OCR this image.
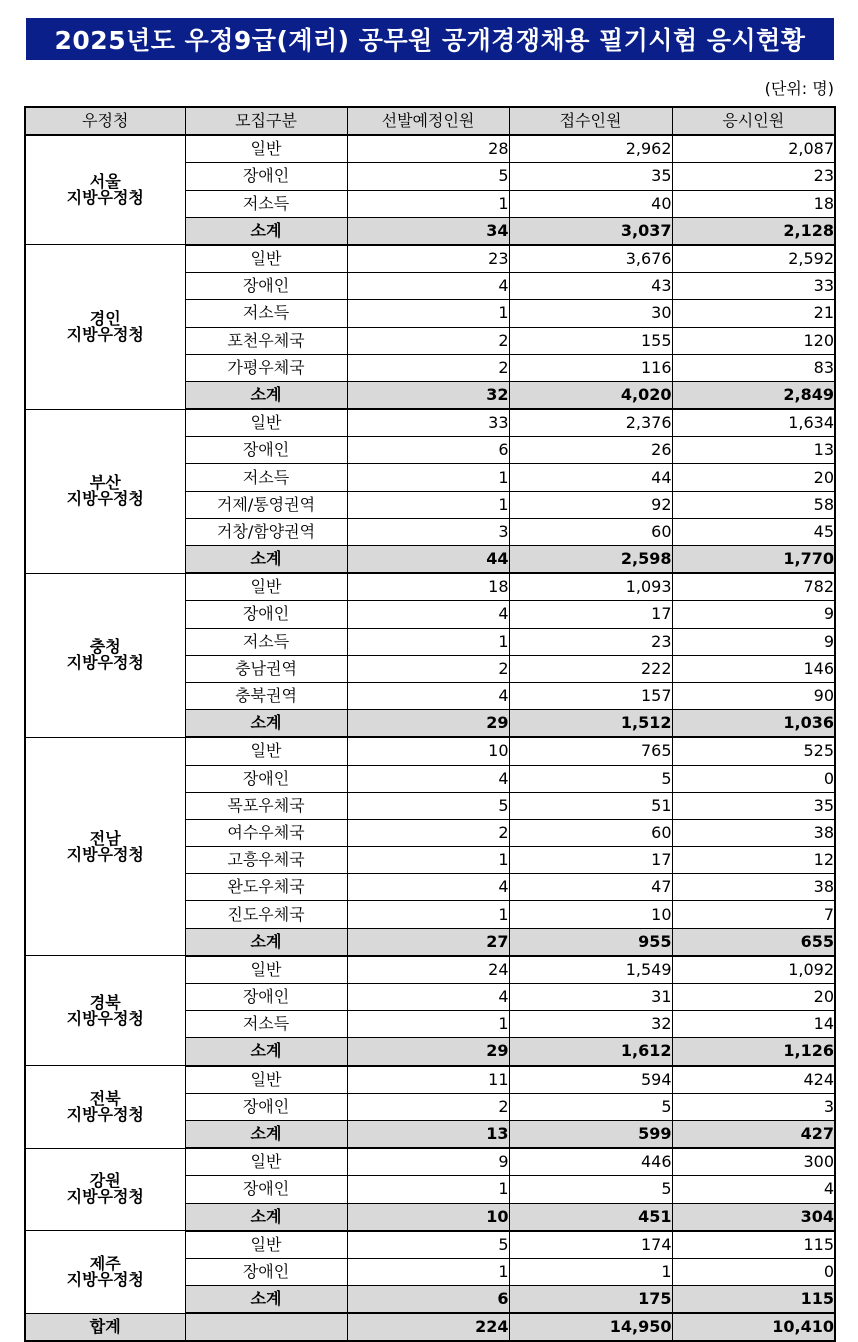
2025년도 우정9급(계리) 공무원 공개경쟁채용 필기시험 응시현황
(단위: 명)
우정청	모집구분	선발예정인원	접수인원	응시인원

서울
지방우정청	일반	28	2,962	2,087
	장애인	5	35	23
	저소득	1	40	18
	소계	34	3,037	2,128

경인
지방우정청	일반	23	3,676	2,592
	장애인	4	43	33
	저소득	1	30	21
	포천우체국	2	155	120
	가평우체국	2	116	83
	소계	32	4,020	2,849

부산
지방우정청	일반	33	2,376	1,634
	장애인	6	26	13
	저소득	1	44	20
	거제/통영권역	1	92	58
	거창/함양권역	3	60	45
	소계	44	2,598	1,770

충청
지방우정청	일반	18	1,093	782
	장애인	4	17	9
	저소득	1	23	9
	충남권역	2	222	146
	충북권역	4	157	90
	소계	29	1,512	1,036

전남
지방우정청	일반	10	765	525
	장애인	4	5	0
	목포우체국	5	51	35
	여수우체국	2	60	38
	고흥우체국	1	17	12
	완도우체국	4	47	38
	진도우체국	1	10	7
	소계	27	955	655

경북
지방우정청	일반	24	1,549	1,092
	장애인	4	31	20
	저소득	1	32	14
	소계	29	1,612	1,126

전북
지방우정청	일반	11	594	424
	장애인	2	5	3
	소계	13	599	427

강원
지방우정청	일반	9	446	300
	장애인	1	5	4
	소계	10	451	304

제주
지방우정청	일반	5	174	115
	장애인	1	1	0
	소계	6	175	115
합계		224	14,950	10,410
